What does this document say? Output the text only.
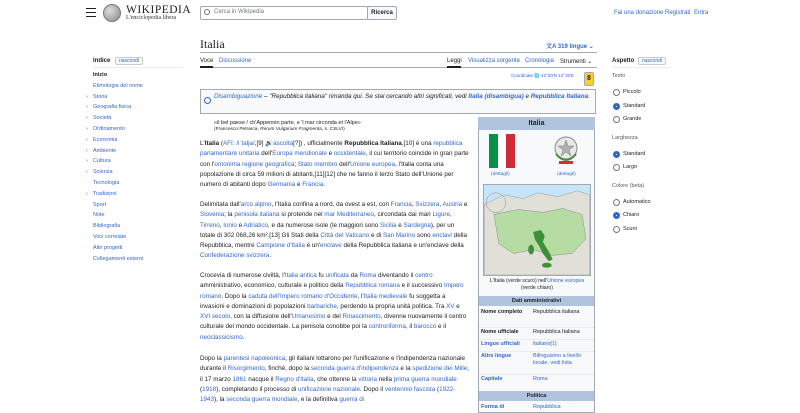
WIKIPEDIA
L'enciclopedia libera
Cerca in Wikipedia	Ricerca	Fai una donazione Registrati Entra
Indice	nascondi
Inizio
Etimologia del nome
› Storia
› Geografia fisica
› Società
› Ordinamento
› Economia
› Ambiente
› Cultura
› Scienza
Tecnologia
› Tradizioni
Sport
Note
Bibliografia
Voci correlate
Altri progetti
Collegamenti esterni
Italia	文A 319 lingue ⌄
Voce Discussione	Leggi Visualizza sorgente Cronologia Strumenti ⌄
Coordinate 🌐 42°30′N 12°30′E	8
Disambiguazione – "Repubblica italiana" rimanda qui. Se stai cercando altri significati, vedi Italia (disambigua) e Repubblica Italiana.
«il bel paese / ch'Appennin parte, e 'l mar circonda et l'Alpe»
(Francesco Petrarca, Rerum Vulgarium Fragmenta, s. CXLVI)
L'Italia (AFI: /iˈtalja/,[9] 🔊ascolta[?]) , ufficialmente Repubblica Italiana,[10] è una repubblica parlamentare unitaria dell'Europa meridionale e occidentale, il cui territorio coincide in gran parte con l'omonima regione geografica; Stato membro dell'Unione europea, l'Italia conta una popolazione di circa 59 milioni di abitanti,[11][12] che ne fanno il terzo Stato dell'Unione per numero di abitanti dopo Germania e Francia.
Delimitata dall'arco alpino, l'Italia confina a nord, da ovest a est, con Francia, Svizzera, Austria e Slovenia; la penisola italiana si protende nel mar Mediterraneo, circondata dai mari Ligure, Tirreno, Ionio e Adriatico, e da numerose isole (le maggiori sono Sicilia e Sardegna), per un totale di 302 068,26 km².[13] Gli Stati della Città del Vaticano e di San Marino sono enclavi della Repubblica, mentre Campione d'Italia è un'enclave della Repubblica italiana e un'enclave della Confederazione svizzera.
Crocevia di numerose civiltà, l'Italia antica fu unificata da Roma diventando il centro amministrativo, economico, culturale e politico della Repubblica romana e il successivo Impero romano. Dopo la caduta dell'Impero romano d'Occidente, l'Italia medievale fu soggetta a invasioni e dominazioni di popolazioni barbariche, perdendo la propria unità politica. Tra XV e XVI secolo, con la diffusione dell'Umanesimo e del Rinascimento, divenne nuovamente il centro culturale del mondo occidentale. La penisola conobbe poi la controriforma, il barocco e il neoclassicismo.
Dopo la parentesi napoleonica, gli italiani lottarono per l'unificazione e l'indipendenza nazionale durante il Risorgimento, finché, dopo la seconda guerra d'indipendenza e la spedizione dei Mille, il 17 marzo 1861 nacque il Regno d'Italia, che ottenne la vittoria nella prima guerra mondiale (1918), completando il processo di unificazione nazionale. Dopo il ventennio fascista (1922-1943), la seconda guerra mondiale, e la definitiva guerra di
Italia
(dettagli)	(dettagli)
L'Italia (verde scuro) nell'Unione europea (verde chiaro)
Dati amministrativi
Nome completo	Repubblica italiana
Nome ufficiale	Repubblica Italiana
Lingue ufficiali	italiano[1]
Altre lingue	Bilinguismo a livello locale, vedi lista
Capitale	Roma
Politica
Forma di	Repubblica
Aspetto	nascondi
Testo
Piccolo
Standard
Grande
Larghezza
Standard
Largo
Colore (beta)
Automatico
Chiaro
Scuro
